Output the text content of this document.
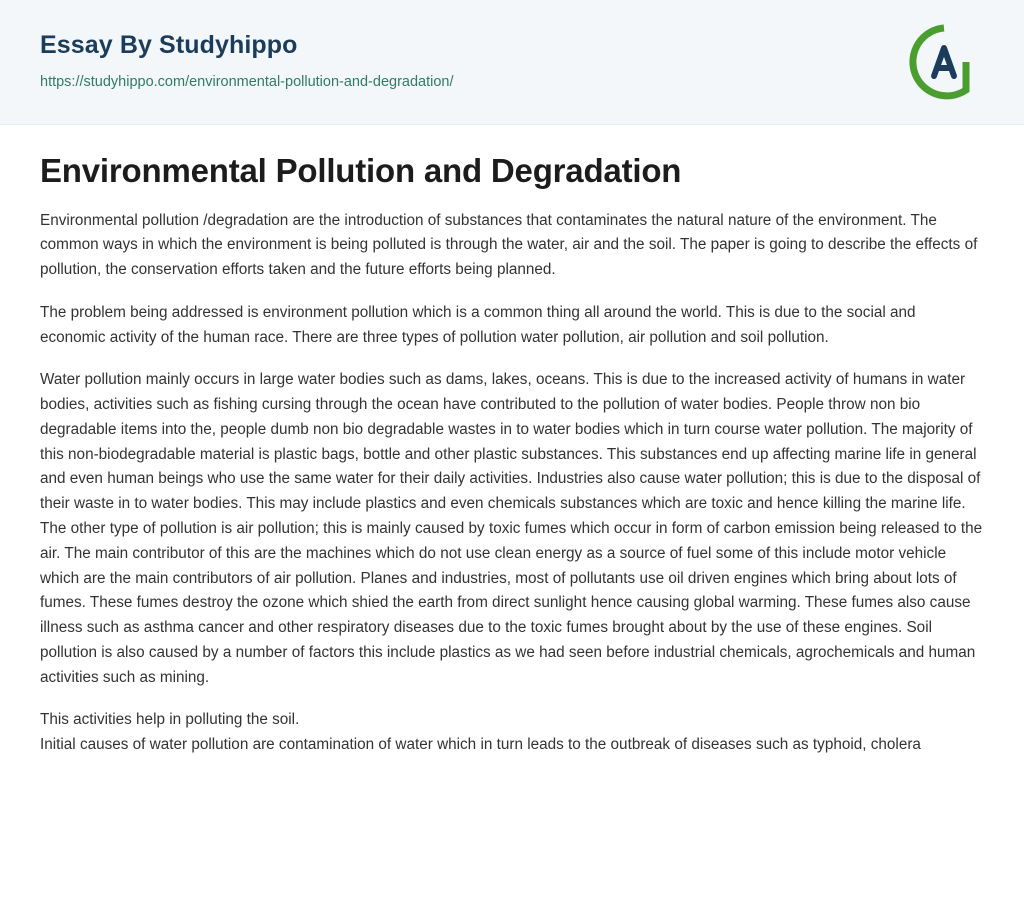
Essay By Studyhippo
https://studyhippo.com/environmental-pollution-and-degradation/
Environmental Pollution and Degradation

Environmental pollution /degradation are the introduction of substances that contaminates the natural nature of the environment. The common ways in which the environment is being polluted is through the water, air and the soil. The paper is going to describe the effects of pollution, the conservation efforts taken and the future efforts being planned.

The problem being addressed is environment pollution which is a common thing all around the world. This is due to the social and economic activity of the human race. There are three types of pollution water pollution, air pollution and soil pollution.

Water pollution mainly occurs in large water bodies such as dams, lakes, oceans. This is due to the increased activity of humans in water bodies, activities such as fishing cursing through the ocean have contributed to the pollution of water bodies. People throw non bio degradable items into the, people dumb non bio degradable wastes in to water bodies which in turn course water pollution. The majority of this non-biodegradable material is plastic bags, bottle and other plastic substances. This substances end up affecting marine life in general and even human beings who use the same water for their daily activities. Industries also cause water pollution; this is due to the disposal of their waste in to water bodies. This may include plastics and even chemicals substances which are toxic and hence killing the marine life. The other type of pollution is air pollution; this is mainly caused by toxic fumes which occur in form of carbon emission being released to the air. The main contributor of this are the machines which do not use clean energy as a source of fuel some of this include motor vehicle which are the main contributors of air pollution. Planes and industries, most of pollutants use oil driven engines which bring about lots of fumes. These fumes destroy the ozone which shied the earth from direct sunlight hence causing global warming. These fumes also cause illness such as asthma cancer and other respiratory diseases due to the toxic fumes brought about by the use of these engines. Soil pollution is also caused by a number of factors this include plastics as we had seen before industrial chemicals, agrochemicals and human activities such as mining.

This activities help in polluting the soil.
Initial causes of water pollution are contamination of water which in turn leads to the outbreak of diseases such as typhoid, cholera
